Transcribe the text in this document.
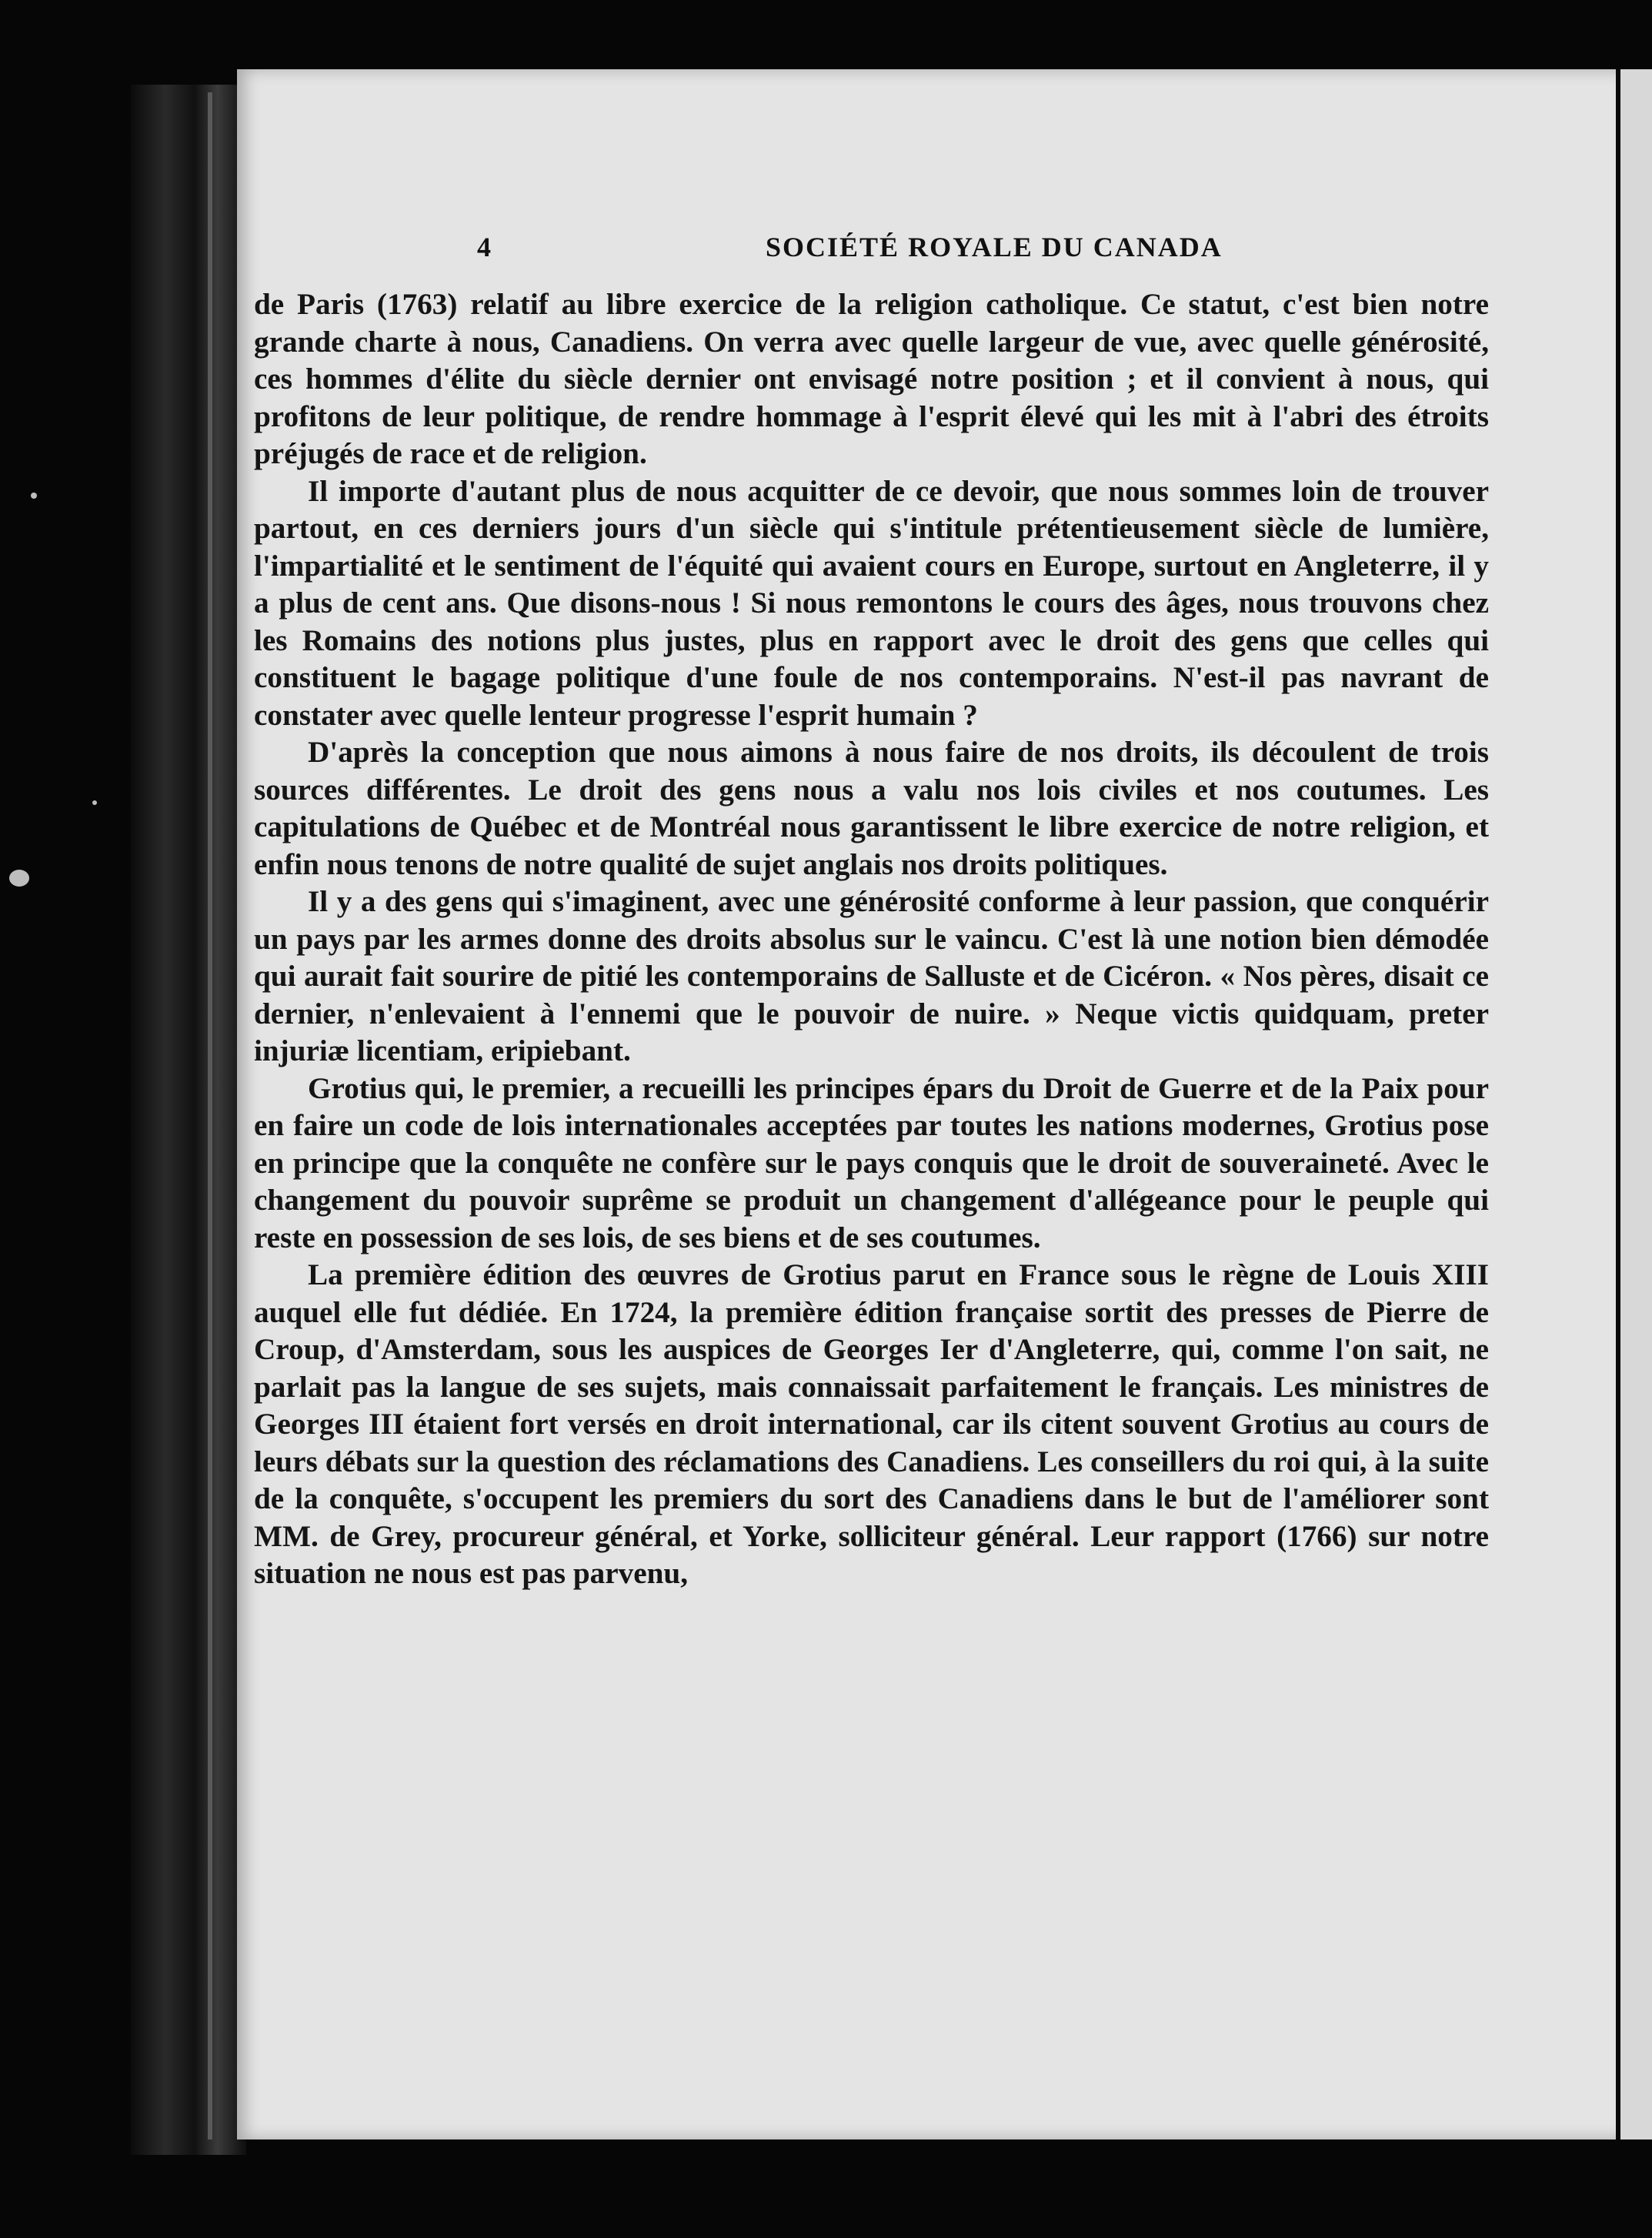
4	SOCIÉTÉ ROYALE DU CANADA

de Paris (1763) relatif au libre exercice de la religion catholique. Ce statut, c'est bien notre grande charte à nous, Canadiens. On verra avec quelle largeur de vue, avec quelle générosité, ces hommes d'élite du siècle dernier ont envisagé notre position ; et il convient à nous, qui profitons de leur politique, de rendre hommage à l'esprit élevé qui les mit à l'abri des étroits préjugés de race et de religion.

Il importe d'autant plus de nous acquitter de ce devoir, que nous sommes loin de trouver partout, en ces derniers jours d'un siècle qui s'intitule prétentieusement siècle de lumière, l'impartialité et le sentiment de l'équité qui avaient cours en Europe, surtout en Angleterre, il y a plus de cent ans. Que disons-nous ! Si nous remontons le cours des âges, nous trouvons chez les Romains des notions plus justes, plus en rapport avec le droit des gens que celles qui constituent le bagage politique d'une foule de nos contemporains. N'est-il pas navrant de constater avec quelle lenteur progresse l'esprit humain ?

D'après la conception que nous aimons à nous faire de nos droits, ils découlent de trois sources différentes. Le droit des gens nous a valu nos lois civiles et nos coutumes. Les capitulations de Québec et de Montréal nous garantissent le libre exercice de notre religion, et enfin nous tenons de notre qualité de sujet anglais nos droits politiques.

Il y a des gens qui s'imaginent, avec une générosité conforme à leur passion, que conquérir un pays par les armes donne des droits absolus sur le vaincu. C'est là une notion bien démodée qui aurait fait sourire de pitié les contemporains de Salluste et de Cicéron. « Nos pères, disait ce dernier, n'enlevaient à l'ennemi que le pouvoir de nuire. » Neque victis quidquam, preter injuriæ licentiam, eripiebant.

Grotius qui, le premier, a recueilli les principes épars du Droit de Guerre et de la Paix pour en faire un code de lois internationales acceptées par toutes les nations modernes, Grotius pose en principe que la conquête ne confère sur le pays conquis que le droit de souveraineté. Avec le changement du pouvoir suprême se produit un changement d'allégeance pour le peuple qui reste en possession de ses lois, de ses biens et de ses coutumes.

La première édition des œuvres de Grotius parut en France sous le règne de Louis XIII auquel elle fut dédiée. En 1724, la première édition française sortit des presses de Pierre de Croup, d'Amsterdam, sous les auspices de Georges Ier d'Angleterre, qui, comme l'on sait, ne parlait pas la langue de ses sujets, mais connaissait parfaitement le français. Les ministres de Georges III étaient fort versés en droit international, car ils citent souvent Grotius au cours de leurs débats sur la question des réclamations des Canadiens. Les conseillers du roi qui, à la suite de la conquête, s'occupent les premiers du sort des Canadiens dans le but de l'améliorer sont MM. de Grey, procureur général, et Yorke, solliciteur général. Leur rapport (1766) sur notre situation ne nous est pas parvenu,
